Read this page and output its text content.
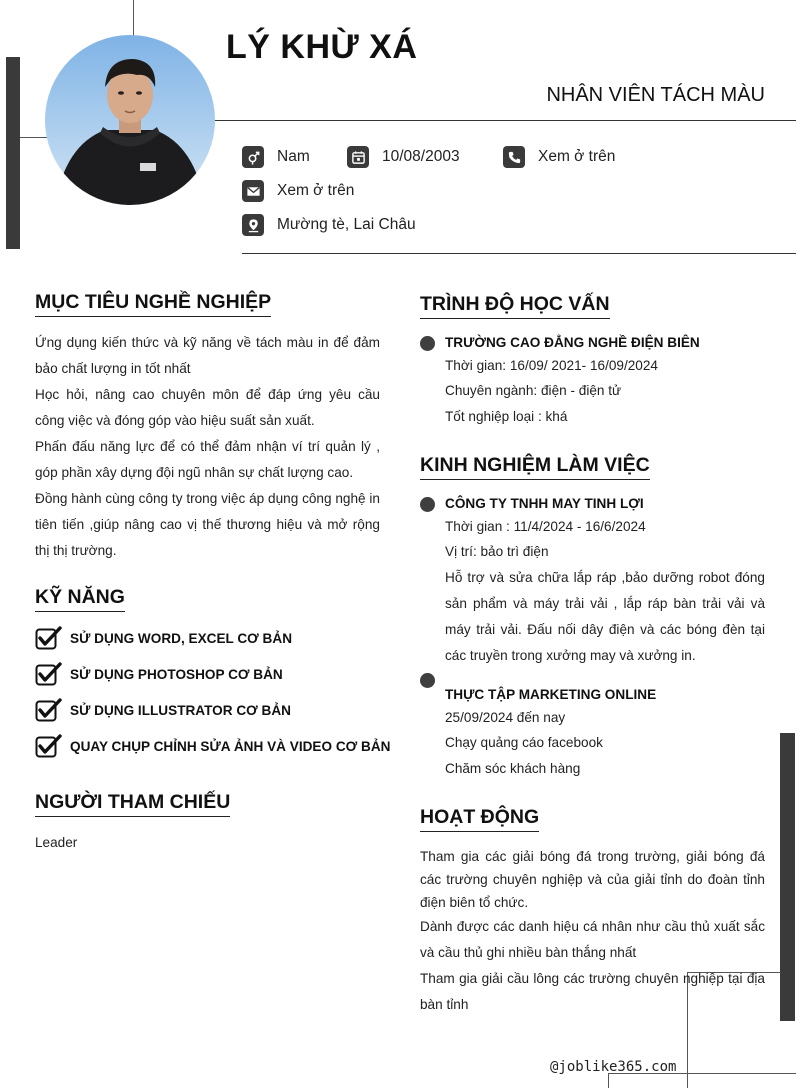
LÝ KHỪ XÁ
NHÂN VIÊN TÁCH MÀU
Nam	10/08/2003	Xem ở trên
Xem ở trên
Mường tè, Lai Châu
MỤC TIÊU NGHỀ NGHIỆP

Ứng dụng kiến thức và kỹ năng về tách màu in để đảm bảo chất lượng in tốt nhất

Học hỏi, nâng cao chuyên môn để đáp ứng yêu cầu công việc và đóng góp vào hiệu suất sản xuất.

Phấn đấu năng lực để có thể đảm nhận ví trí quản lý , góp phần xây dựng đội ngũ nhân sự chất lượng cao.

Đồng hành cùng công ty trong việc áp dụng công nghệ in tiên tiến ,giúp nâng cao vị thế thương hiệu và mở rộng thị thị trường.

KỸ NĂNG
SỬ DỤNG WORD, EXCEL CƠ BẢN
SỬ DỤNG PHOTOSHOP CƠ BẢN
SỬ DỤNG ILLUSTRATOR CƠ BẢN
QUAY CHỤP CHỈNH SỬA ẢNH VÀ VIDEO CƠ BẢN
NGƯỜI THAM CHIẾU
Leader
TRÌNH ĐỘ HỌC VẤN
TRƯỜNG CAO ĐẲNG NGHỀ ĐIỆN BIÊN
Thời gian: 16/09/ 2021- 16/09/2024
Chuyên ngành: điện - điện tử
Tốt nghiệp loại : khá
KINH NGHIỆM LÀM VIỆC
CÔNG TY TNHH MAY TINH LỢI
Thời gian : 11/4/2024 - 16/6/2024
Vị trí: bảo trì điện
Hỗ trợ và sửa chữa lắp ráp ,bảo dưỡng robot đóng sản phẩm và máy trải vải , lắp ráp bàn trải vải và máy trải vải. Đấu nối dây điện và các bóng đèn tại các truyền trong xưởng may và xưởng in.
THỰC TẬP MARKETING ONLINE
25/09/2024 đến nay
Chạy quảng cáo facebook
Chăm sóc khách hàng
HOẠT ĐỘNG

Tham gia các giải bóng đá trong trường, giải bóng đá các trường chuyên nghiệp và của giải tỉnh do đoàn tỉnh điện biên tổ chức.

Dành được các danh hiệu cá nhân như cầu thủ xuất sắc và cầu thủ ghi nhiều bàn thắng nhất

Tham gia giải cầu lông các trường chuyên nghiệp tại địa bàn tỉnh

@joblike365.com
